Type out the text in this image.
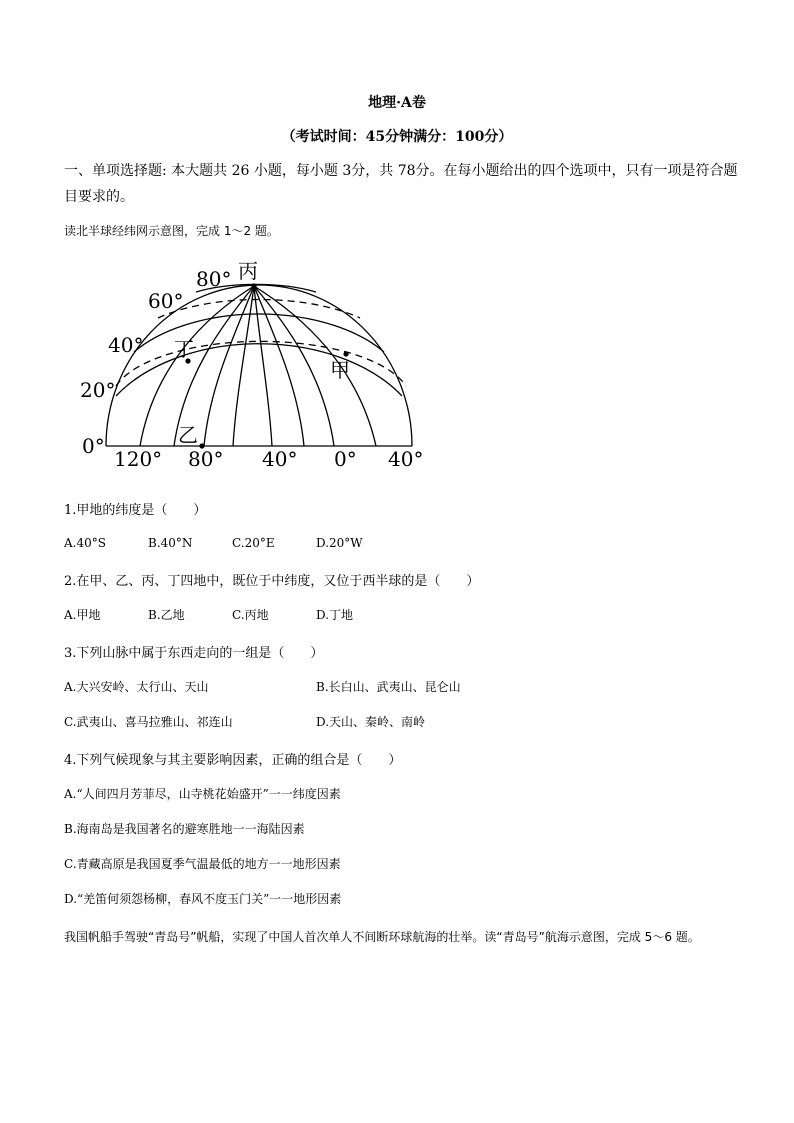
地理·A卷
（考试时间：45分钟满分：100分）
一、单项选择题: 本大题共 26 小题，每小题 3分，共 78分。在每小题给出的四个选项中，只有一项是符合题目要求的。
读北半球经纬网示意图，完成 1～2 题。
80°
60°
40°
20°
0°
120° 80° 40° 0° 40°
丙
丁
甲
乙
1.甲地的纬度是（　　）
A.40°S	B.40°N	C.20°E	D.20°W
2.在甲、乙、丙、丁四地中，既位于中纬度，又位于西半球的是（　　）
A.甲地	B.乙地	C.丙地	D.丁地
3.下列山脉中属于东西走向的一组是（　　）
A.大兴安岭、太行山、天山	B.长白山、武夷山、昆仑山
C.武夷山、喜马拉雅山、祁连山	D.天山、秦岭、南岭
4.下列气候现象与其主要影响因素，正确的组合是（　　）
A.“人间四月芳菲尽，山寺桃花始盛开”一一纬度因素
B.海南岛是我国著名的避寒胜地一一海陆因素
C.青藏高原是我国夏季气温最低的地方一一地形因素
D.“羌笛何须怨杨柳，春风不度玉门关”一一地形因素
我国帆船手驾驶“青岛号”帆船，实现了中国人首次单人不间断环球航海的壮举。读“青岛号”航海示意图，完成 5～6 题。
